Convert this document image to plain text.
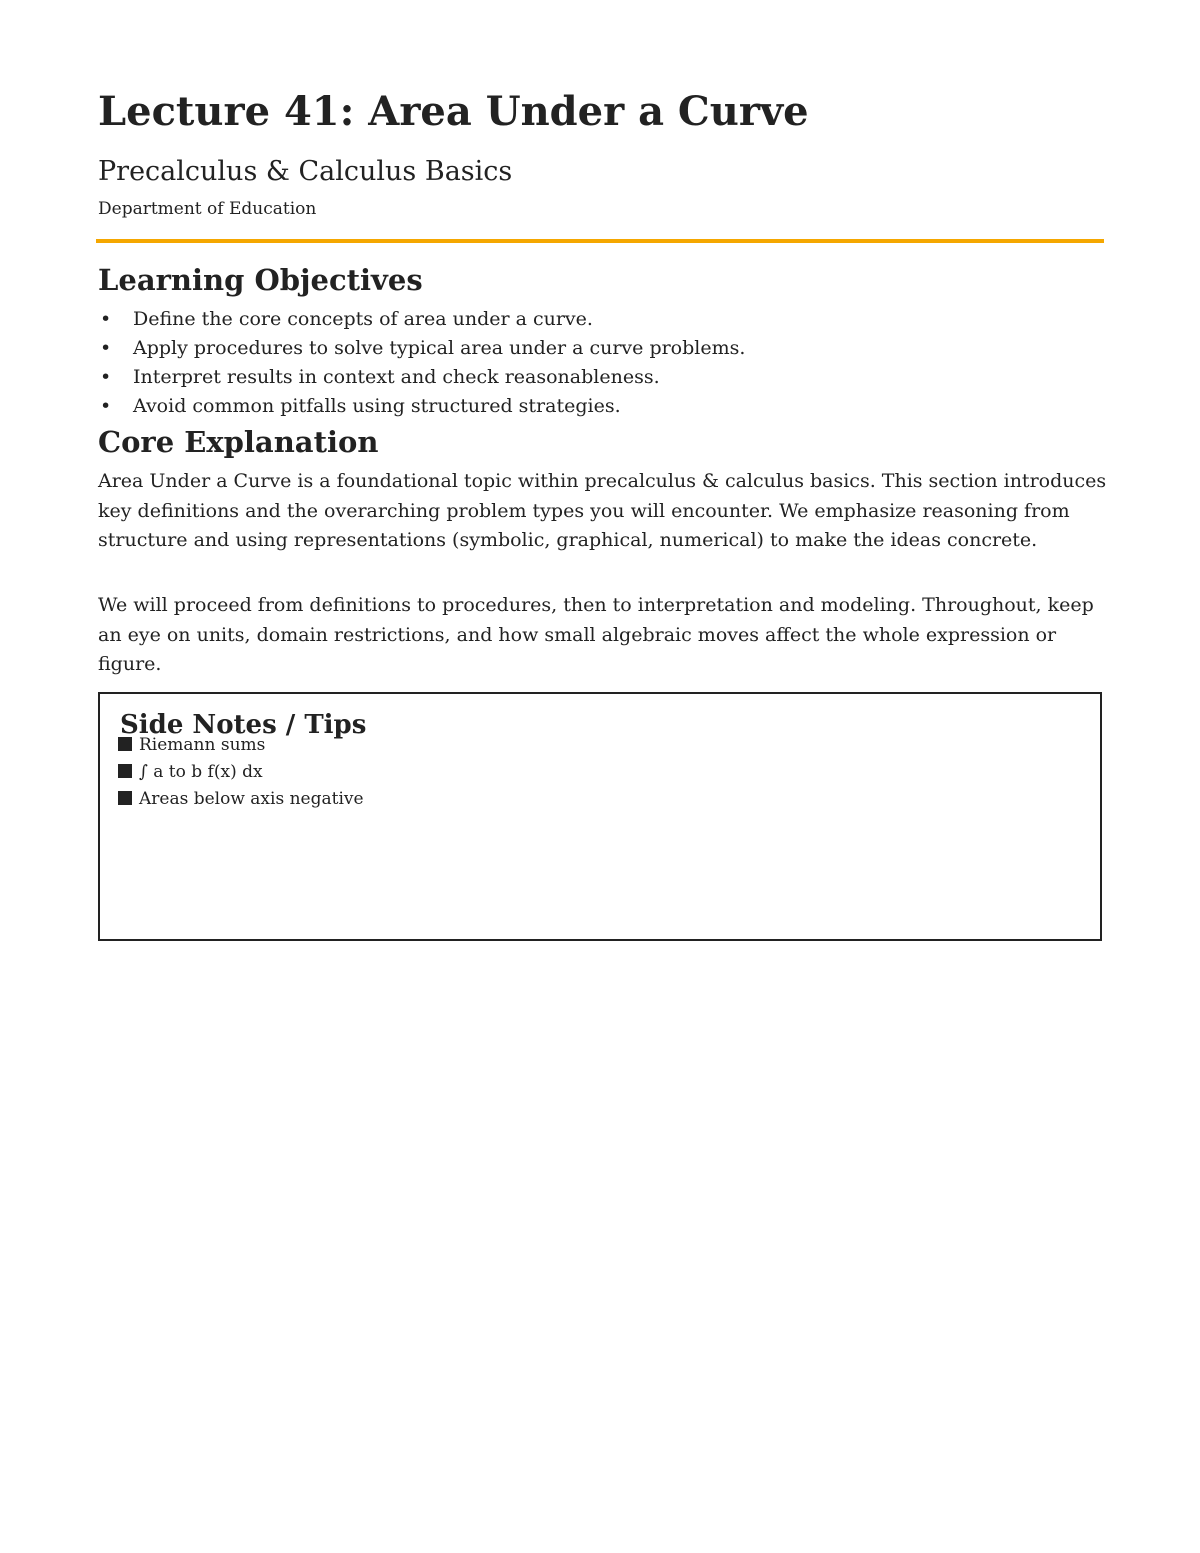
Lecture 41: Area Under a Curve
Precalculus & Calculus Basics

Department of Education

Learning Objectives
• Define the core concepts of area under a curve.
• Apply procedures to solve typical area under a curve problems.
• Interpret results in context and check reasonableness.
• Avoid common pitfalls using structured strategies.
Core Explanation

Area Under a Curve is a foundational topic within precalculus & calculus basics. This section introduces key definitions and the overarching problem types you will encounter. We emphasize reasoning from structure and using representations (symbolic, graphical, numerical) to make the ideas concrete.

We will proceed from definitions to procedures, then to interpretation and modeling. Throughout, keep an eye on units, domain restrictions, and how small algebraic moves affect the whole expression or figure.

Side Notes / Tips
Riemann sums
∫ a to b f(x) dx
Areas below axis negative
